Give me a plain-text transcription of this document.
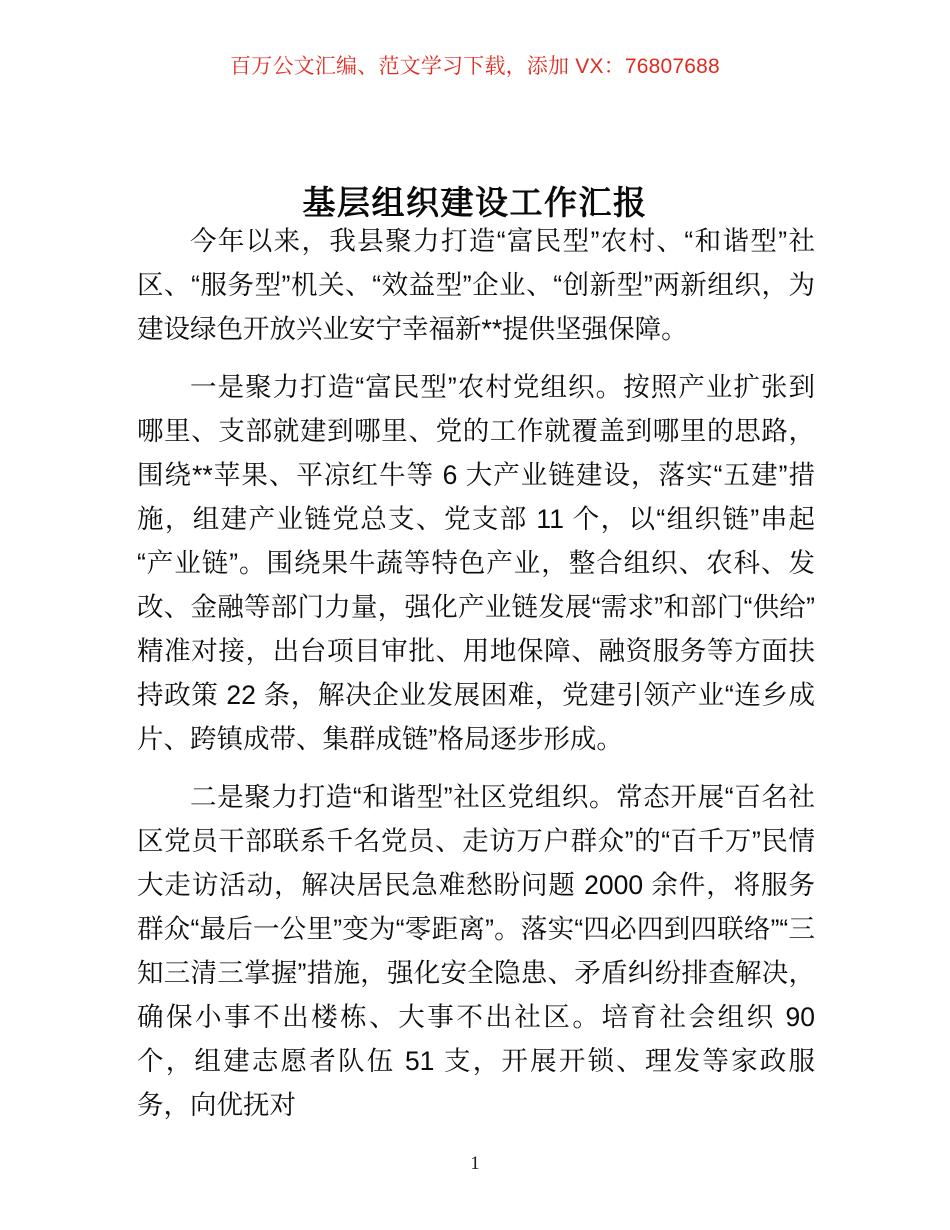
百万公文汇编、范文学习下载，添加 VX：76807688
基层组织建设工作汇报

今年以来，我县聚力打造“富民型”农村、“和谐型”社区、“服务型”机关、“效益型”企业、“创新型”两新组织，为建设绿色开放兴业安宁幸福新**提供坚强保障。

一是聚力打造“富民型”农村党组织。按照产业扩张到哪里、支部就建到哪里、党的工作就覆盖到哪里的思路，围绕**苹果、平凉红牛等 6 大产业链建设，落实“五建”措施，组建产业链党总支、党支部 11 个，以“组织链”串起“产业链”。围绕果牛蔬等特色产业，整合组织、农科、发改、金融等部门力量，强化产业链发展“需求”和部门“供给”精准对接，出台项目审批、用地保障、融资服务等方面扶持政策 22 条，解决企业发展困难，党建引领产业“连乡成片、跨镇成带、集群成链”格局逐步形成。

二是聚力打造“和谐型”社区党组织。常态开展“百名社区党员干部联系千名党员、走访万户群众”的“百千万”民情大走访活动，解决居民急难愁盼问题 2000 余件，将服务群众“最后一公里”变为“零距离”。落实“四必四到四联络”“三知三清三掌握”措施，强化安全隐患、矛盾纠纷排查解决，确保小事不出楼栋、大事不出社区。培育社会组织 90 个，组建志愿者队伍 51 支，开展开锁、理发等家政服务，向优抚对

1
